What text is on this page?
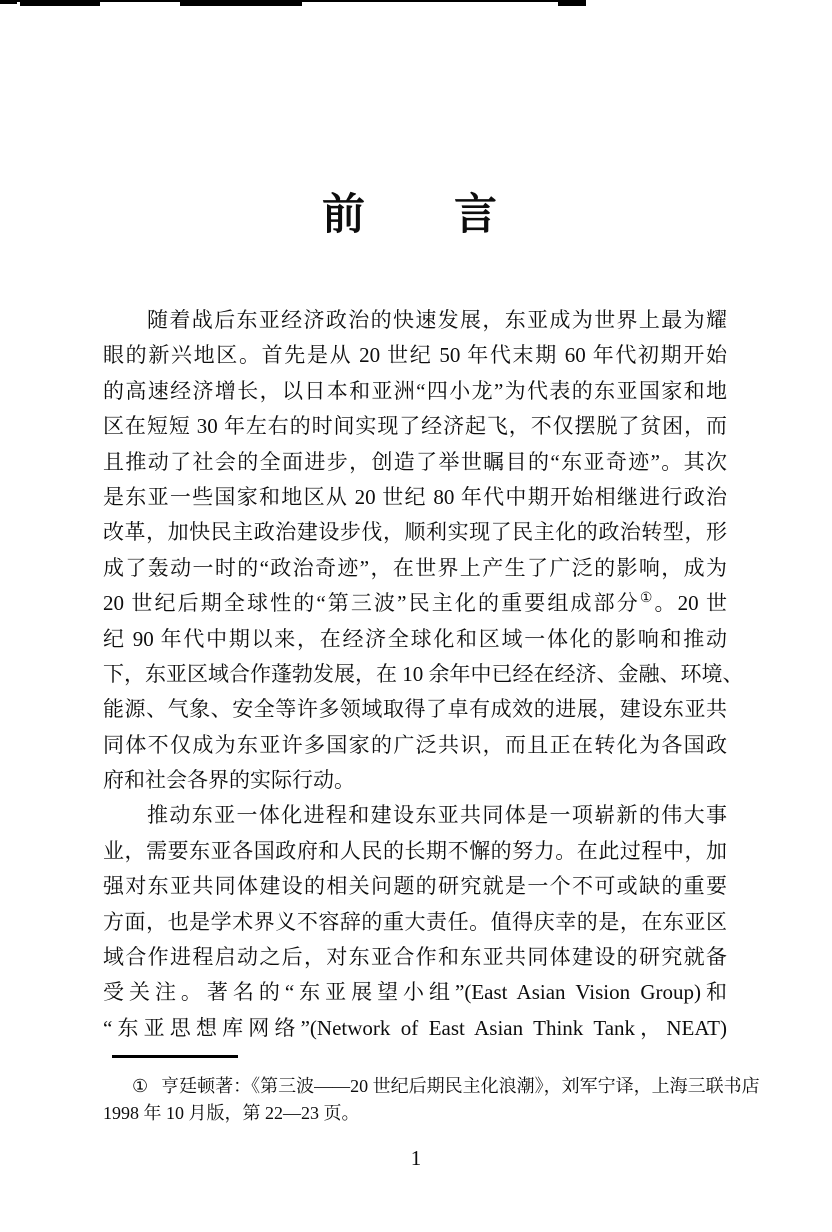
前　　言
随着战后东亚经济政治的快速发展，东亚成为世界上最为耀
眼的新兴地区。首先是从 20 世纪 50 年代末期 60 年代初期开始
的高速经济增长，以日本和亚洲“四小龙”为代表的东亚国家和地
区在短短 30 年左右的时间实现了经济起飞，不仅摆脱了贫困，而
且推动了社会的全面进步，创造了举世瞩目的“东亚奇迹”。其次
是东亚一些国家和地区从 20 世纪 80 年代中期开始相继进行政治
改革，加快民主政治建设步伐，顺利实现了民主化的政治转型，形
成了轰动一时的“政治奇迹”，在世界上产生了广泛的影响，成为
20 世纪后期全球性的“第三波”民主化的重要组成部分①。20 世
纪 90 年代中期以来，在经济全球化和区域一体化的影响和推动
下，东亚区域合作蓬勃发展，在 10 余年中已经在经济、金融、环境、
能源、气象、安全等许多领域取得了卓有成效的进展，建设东亚共
同体不仅成为东亚许多国家的广泛共识，而且正在转化为各国政
府和社会各界的实际行动。
推动东亚一体化进程和建设东亚共同体是一项崭新的伟大事
业，需要东亚各国政府和人民的长期不懈的努力。在此过程中，加
强对东亚共同体建设的相关问题的研究就是一个不可或缺的重要
方面，也是学术界义不容辞的重大责任。值得庆幸的是，在东亚区
域合作进程启动之后，对东亚合作和东亚共同体建设的研究就备
受关注。著名的“东亚展望小组”(East Asian Vision Group)和
“东亚思想库网络”(Network of East Asian Think Tank，NEAT)
① 亨廷顿著：《第三波——20 世纪后期民主化浪潮》，刘军宁译，上海三联书店
1998 年 10 月版，第 22—23 页。
1
